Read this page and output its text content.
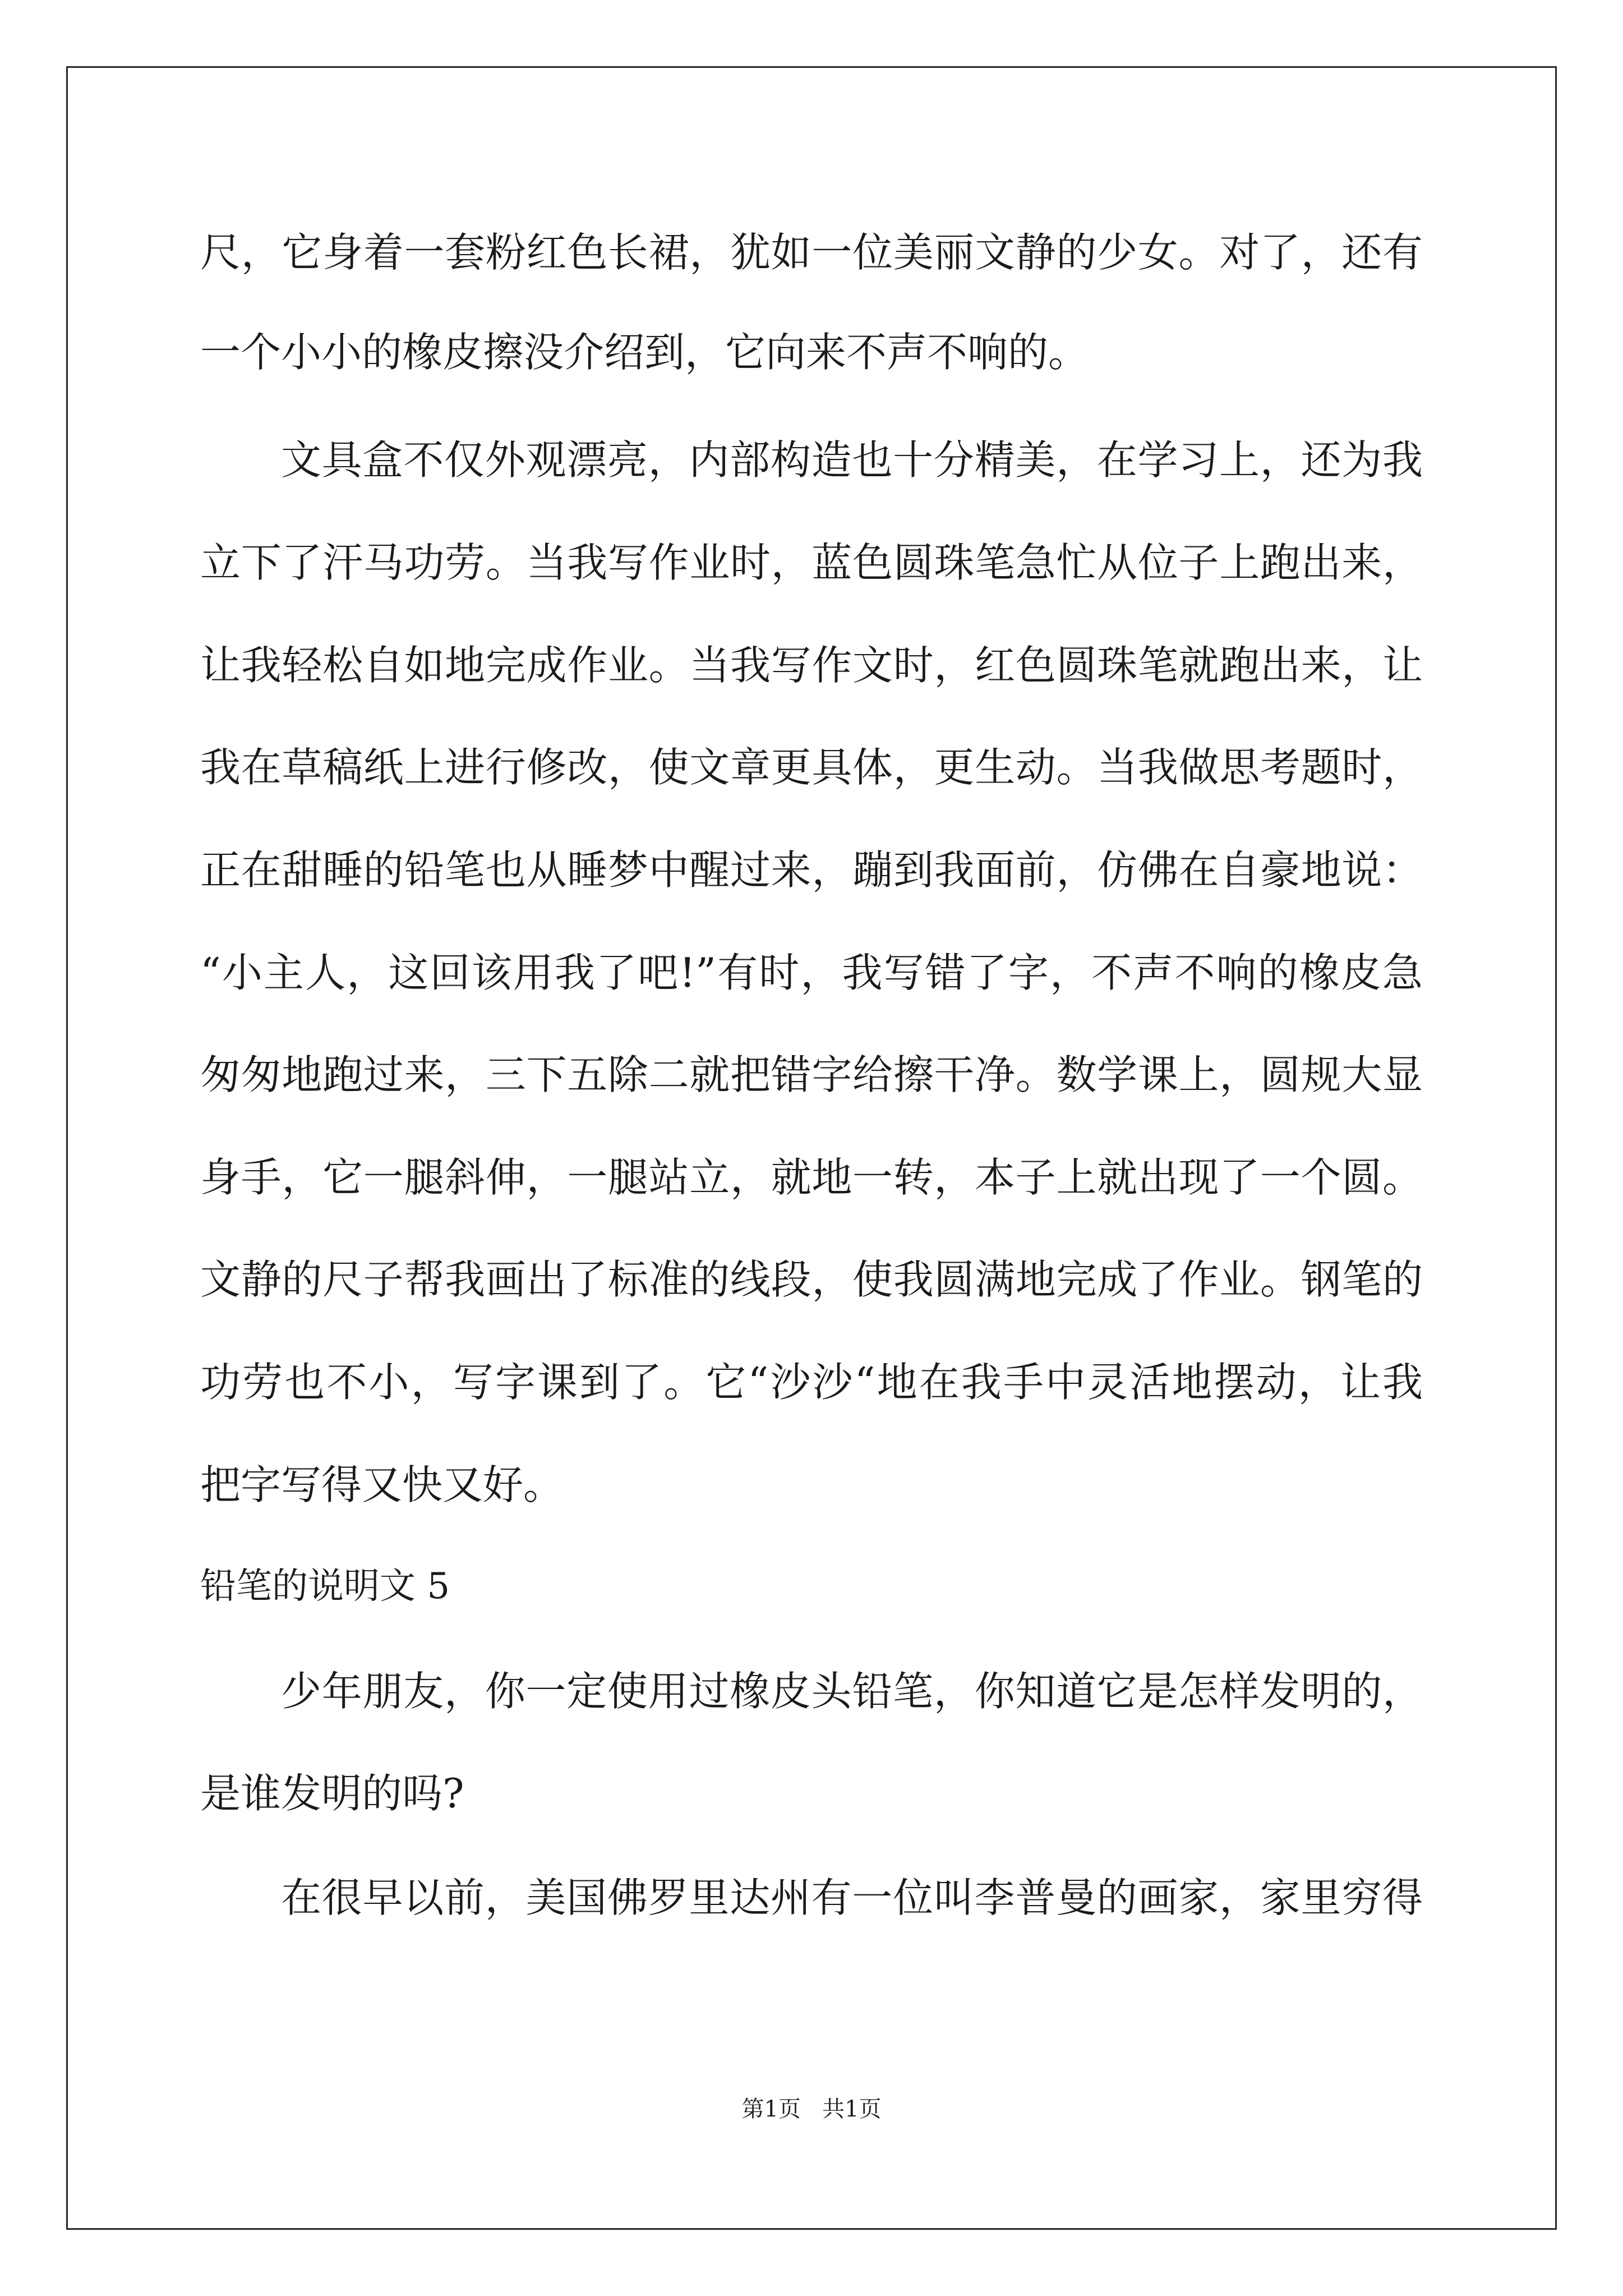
尺，它身着一套粉红色长裙，犹如一位美丽文静的少女。对了，还有
一个小小的橡皮擦没介绍到，它向来不声不响的。
文具盒不仅外观漂亮，内部构造也十分精美，在学习上，还为我
立下了汗马功劳。当我写作业时，蓝色圆珠笔急忙从位子上跑出来，
让我轻松自如地完成作业。当我写作文时，红色圆珠笔就跑出来，让
我在草稿纸上进行修改，使文章更具体，更生动。当我做思考题时，
正在甜睡的铅笔也从睡梦中醒过来，蹦到我面前，仿佛在自豪地说：
“小主人，这回该用我了吧!”有时，我写错了字，不声不响的橡皮急
匆匆地跑过来，三下五除二就把错字给擦干净。数学课上，圆规大显
身手，它一腿斜伸，一腿站立，就地一转，本子上就出现了一个圆。
文静的尺子帮我画出了标准的线段，使我圆满地完成了作业。钢笔的
功劳也不小，写字课到了。它“沙沙“地在我手中灵活地摆动，让我
把字写得又快又好。
铅笔的说明文 5
少年朋友，你一定使用过橡皮头铅笔，你知道它是怎样发明的，
是谁发明的吗?
在很早以前，美国佛罗里达州有一位叫李普曼的画家，家里穷得
第1页   共1页
